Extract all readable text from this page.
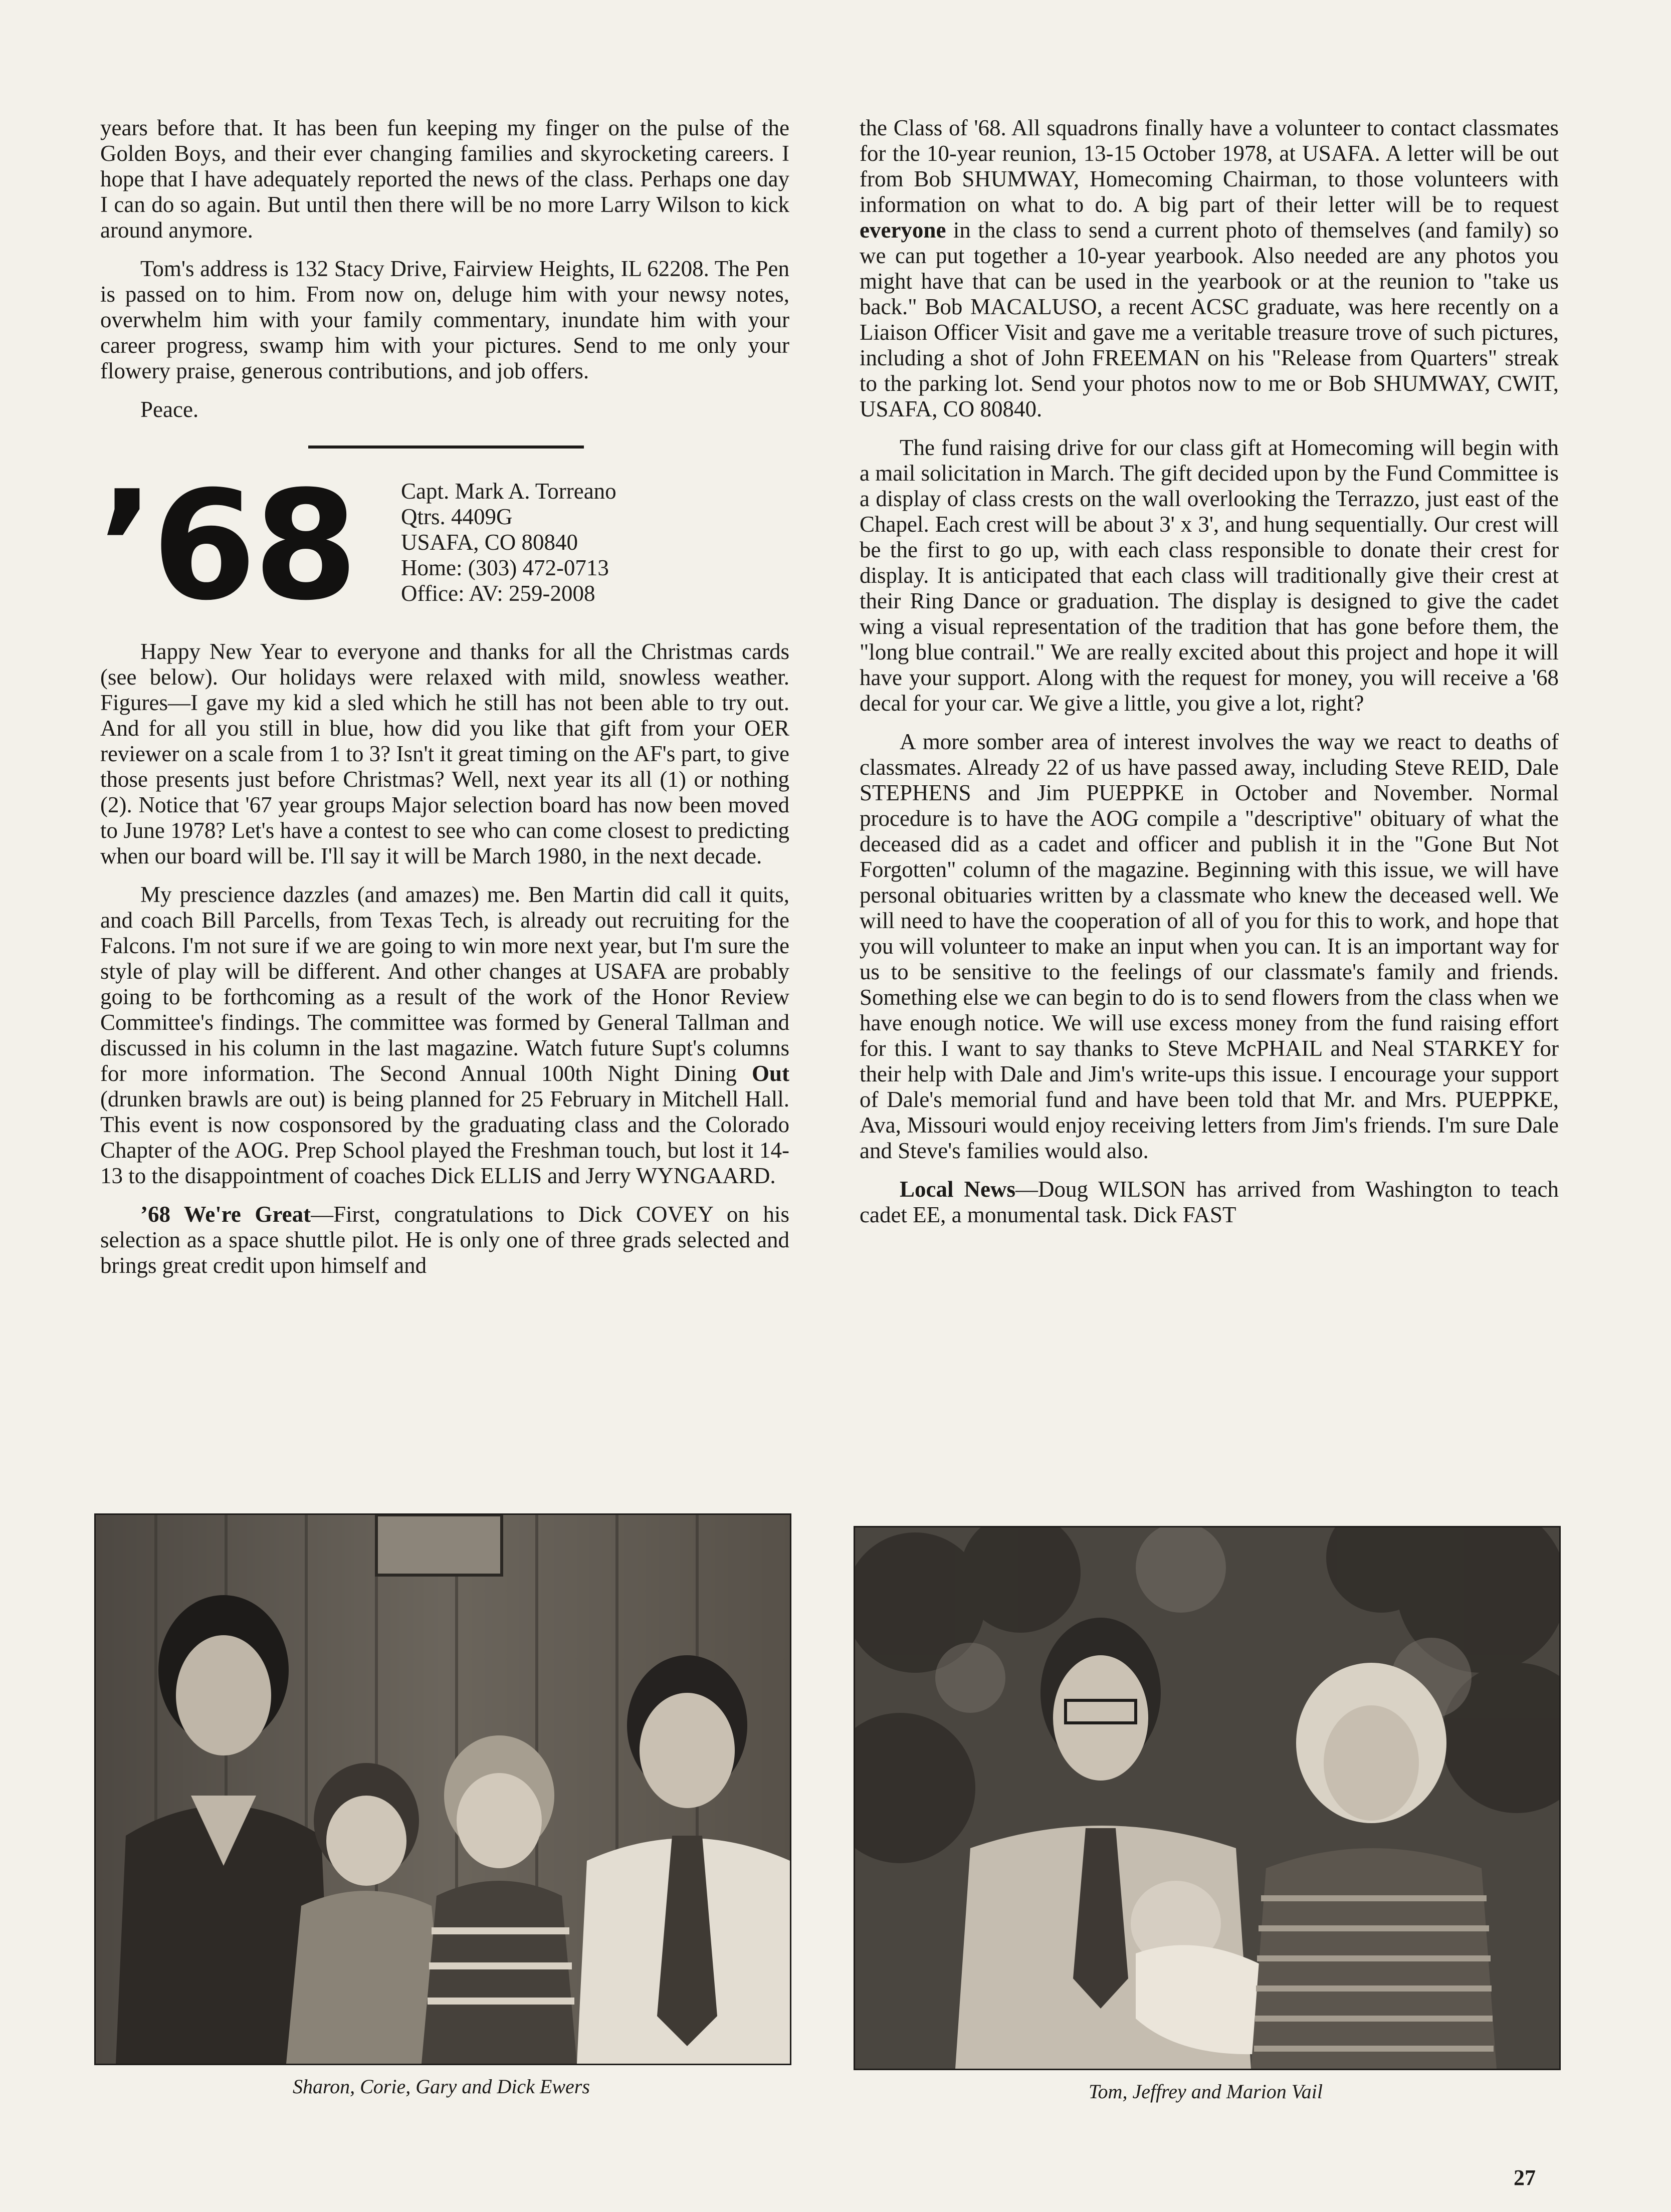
years before that. It has been fun keeping my finger on the pulse of the Golden Boys, and their ever changing families and skyrocketing careers. I hope that I have adequately reported the news of the class. Perhaps one day I can do so again. But until then there will be no more Larry Wilson to kick around anymore.

Tom's address is 132 Stacy Drive, Fairview Heights, IL 62208. The Pen is passed on to him. From now on, deluge him with your newsy notes, overwhelm him with your family commentary, inundate him with your career progress, swamp him with your pictures. Send to me only your flowery praise, generous contributions, and job offers.

Peace.

’68 Capt. Mark A. Torreano
Qtrs. 4409G
USAFA, CO 80840
Home: (303) 472-0713
Office: AV: 259-2008

Happy New Year to everyone and thanks for all the Christmas cards (see below). Our holidays were relaxed with mild, snowless weather. Figures—I gave my kid a sled which he still has not been able to try out. And for all you still in blue, how did you like that gift from your OER reviewer on a scale from 1 to 3? Isn't it great timing on the AF's part, to give those presents just before Christmas? Well, next year its all (1) or nothing (2). Notice that '67 year groups Major selection board has now been moved to June 1978? Let's have a contest to see who can come closest to predicting when our board will be. I'll say it will be March 1980, in the next decade.

My prescience dazzles (and amazes) me. Ben Martin did call it quits, and coach Bill Parcells, from Texas Tech, is already out recruiting for the Falcons. I'm not sure if we are going to win more next year, but I'm sure the style of play will be different. And other changes at USAFA are probably going to be forthcoming as a result of the work of the Honor Review Committee's findings. The committee was formed by General Tallman and discussed in his column in the last magazine. Watch future Supt's columns for more information. The Second Annual 100th Night Dining Out (drunken brawls are out) is being planned for 25 February in Mitchell Hall. This event is now cosponsored by the graduating class and the Colorado Chapter of the AOG. Prep School played the Freshman touch, but lost it 14-13 to the disappointment of coaches Dick ELLIS and Jerry WYNGAARD.

’68 We're Great—First, congratulations to Dick COVEY on his selection as a space shuttle pilot. He is only one of three grads selected and brings great credit upon himself and

the Class of '68. All squadrons finally have a volunteer to contact classmates for the 10-year reunion, 13-15 October 1978, at USAFA. A letter will be out from Bob SHUMWAY, Homecoming Chairman, to those volunteers with information on what to do. A big part of their letter will be to request everyone in the class to send a current photo of themselves (and family) so we can put together a 10-year yearbook. Also needed are any photos you might have that can be used in the yearbook or at the reunion to "take us back." Bob MACALUSO, a recent ACSC graduate, was here recently on a Liaison Officer Visit and gave me a veritable treasure trove of such pictures, including a shot of John FREEMAN on his "Release from Quarters" streak to the parking lot. Send your photos now to me or Bob SHUMWAY, CWIT, USAFA, CO 80840.

The fund raising drive for our class gift at Homecoming will begin with a mail solicitation in March. The gift decided upon by the Fund Committee is a display of class crests on the wall overlooking the Terrazzo, just east of the Chapel. Each crest will be about 3' x 3', and hung sequentially. Our crest will be the first to go up, with each class responsible to donate their crest for display. It is anticipated that each class will traditionally give their crest at their Ring Dance or graduation. The display is designed to give the cadet wing a visual representation of the tradition that has gone before them, the "long blue contrail." We are really excited about this project and hope it will have your support. Along with the request for money, you will receive a '68 decal for your car. We give a little, you give a lot, right?

A more somber area of interest involves the way we react to deaths of classmates. Already 22 of us have passed away, including Steve REID, Dale STEPHENS and Jim PUEPPKE in October and November. Normal procedure is to have the AOG compile a "descriptive" obituary of what the deceased did as a cadet and officer and publish it in the "Gone But Not Forgotten" column of the magazine. Beginning with this issue, we will have personal obituaries written by a classmate who knew the deceased well. We will need to have the cooperation of all of you for this to work, and hope that you will volunteer to make an input when you can. It is an important way for us to be sensitive to the feelings of our classmate's family and friends. Something else we can begin to do is to send flowers from the class when we have enough notice. We will use excess money from the fund raising effort for this. I want to say thanks to Steve McPHAIL and Neal STARKEY for their help with Dale and Jim's write-ups this issue. I encourage your support of Dale's memorial fund and have been told that Mr. and Mrs. PUEPPKE, Ava, Missouri would enjoy receiving letters from Jim's friends. I'm sure Dale and Steve's families would also.

Local News—Doug WILSON has arrived from Washington to teach cadet EE, a monumental task. Dick FAST

Sharon, Corie, Gary and Dick Ewers	Tom, Jeffrey and Marion Vail
27
